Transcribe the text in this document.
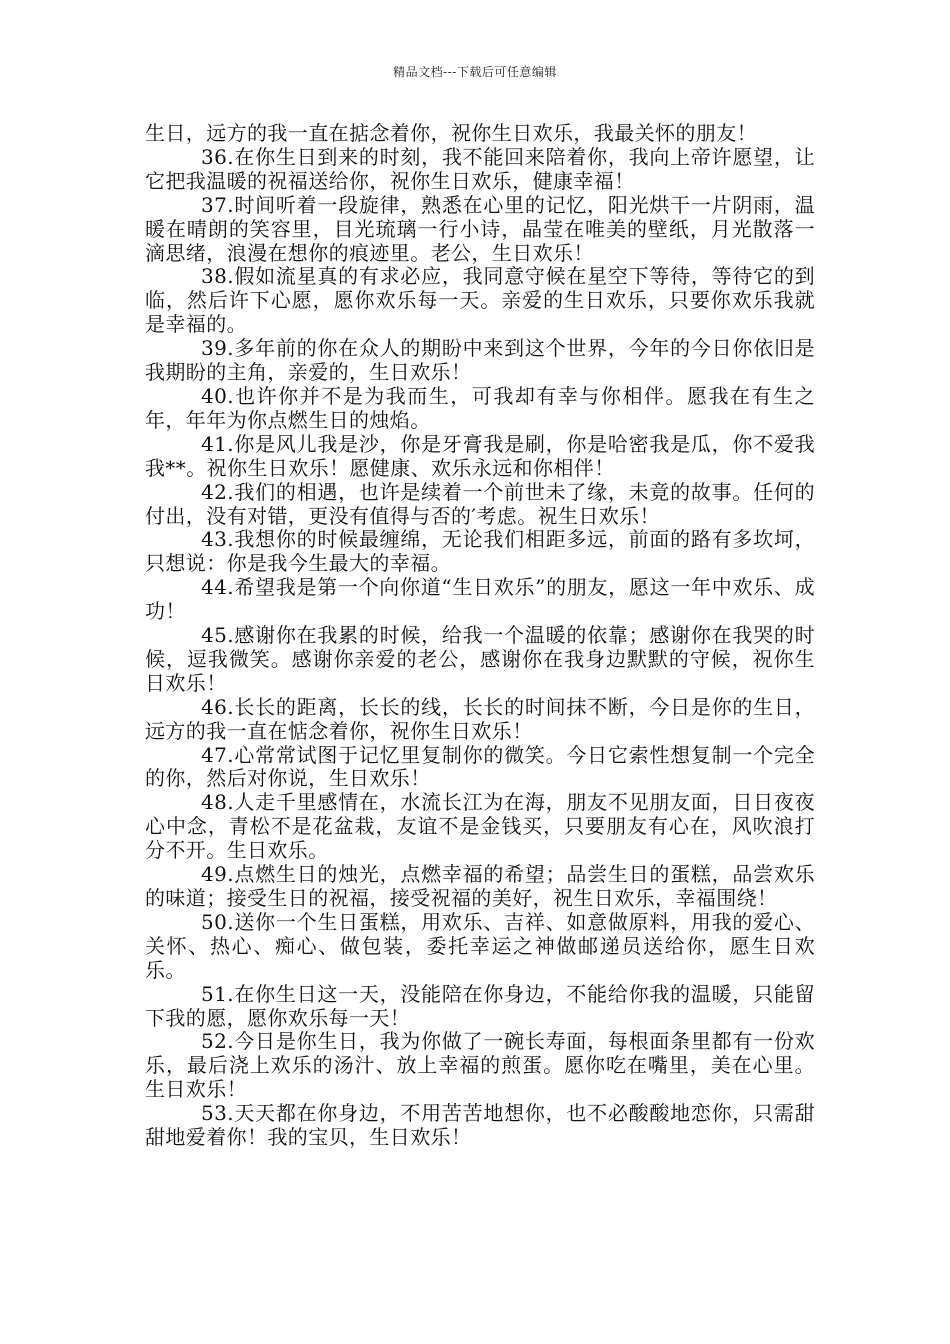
精品文档---下载后可任意编辑

生日，远方的我一直在掂念着你，祝你生日欢乐，我最关怀的朋友！

36.在你生日到来的时刻，我不能回来陪着你，我向上帝许愿望，让它把我温暖的祝福送给你，祝你生日欢乐，健康幸福！

37.时间听着一段旋律，熟悉在心里的记忆，阳光烘干一片阴雨，温暖在晴朗的笑容里，目光琉璃一行小诗，晶莹在唯美的壁纸，月光散落一滴思绪，浪漫在想你的痕迹里。老公，生日欢乐！

38.假如流星真的有求必应，我同意守候在星空下等待，等待它的到临，然后许下心愿，愿你欢乐每一天。亲爱的生日欢乐，只要你欢乐我就是幸福的。

39.多年前的你在众人的期盼中来到这个世界，今年的今日你依旧是我期盼的主角，亲爱的，生日欢乐！

40.也许你并不是为我而生，可我却有幸与你相伴。愿我在有生之年，年年为你点燃生日的烛焰。

41.你是风儿我是沙，你是牙膏我是刷，你是哈密我是瓜，你不爱我我**。祝你生日欢乐！愿健康、欢乐永远和你相伴！

42.我们的相遇，也许是续着一个前世未了缘，未竟的故事。任何的付出，没有对错，更没有值得与否的′考虑。祝生日欢乐！

43.我想你的时候最缠绵，无论我们相距多远，前面的路有多坎坷，只想说：你是我今生最大的幸福。

44.希望我是第一个向你道“生日欢乐”的朋友，愿这一年中欢乐、成功！

45.感谢你在我累的时候，给我一个温暖的依靠；感谢你在我哭的时候，逗我微笑。感谢你亲爱的老公，感谢你在我身边默默的守候，祝你生日欢乐！

46.长长的距离，长长的线，长长的时间抹不断，今日是你的生日，远方的我一直在惦念着你，祝你生日欢乐！

47.心常常试图于记忆里复制你的微笑。今日它索性想复制一个完全的你，然后对你说，生日欢乐！

48.人走千里感情在，水流长江为在海，朋友不见朋友面，日日夜夜心中念，青松不是花盆栽，友谊不是金钱买，只要朋友有心在，风吹浪打分不开。生日欢乐。

49.点燃生日的烛光，点燃幸福的希望；品尝生日的蛋糕，品尝欢乐的味道；接受生日的祝福，接受祝福的美好，祝生日欢乐，幸福围绕！

50.送你一个生日蛋糕，用欢乐、吉祥、如意做原料，用我的爱心、关怀、热心、痴心、做包装，委托幸运之神做邮递员送给你，愿生日欢乐。

51.在你生日这一天，没能陪在你身边，不能给你我的温暖，只能留下我的愿，愿你欢乐每一天！

52.今日是你生日，我为你做了一碗长寿面，每根面条里都有一份欢乐，最后浇上欢乐的汤汁、放上幸福的煎蛋。愿你吃在嘴里，美在心里。生日欢乐！

53.天天都在你身边，不用苦苦地想你，也不必酸酸地恋你，只需甜甜地爱着你！我的宝贝，生日欢乐！
